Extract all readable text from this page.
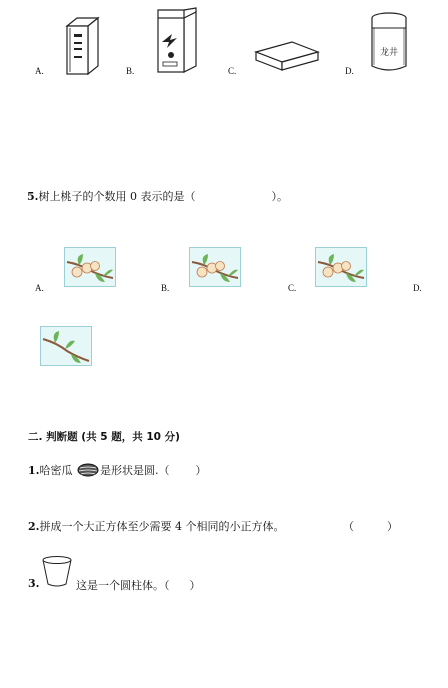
A.	B.	C.
龙井
D.
5.树上桃子的个数用 0 表示的是（	）。
A.	B.	C.	D.
二. 判断题 (共 5 题，共 10 分)
1.哈密瓜	是形状是圆.（ ）
2.拼成一个大正方体至少需要 4 个相同的小正方体。	（	）
3.	这是一个圆柱体。（ ）
